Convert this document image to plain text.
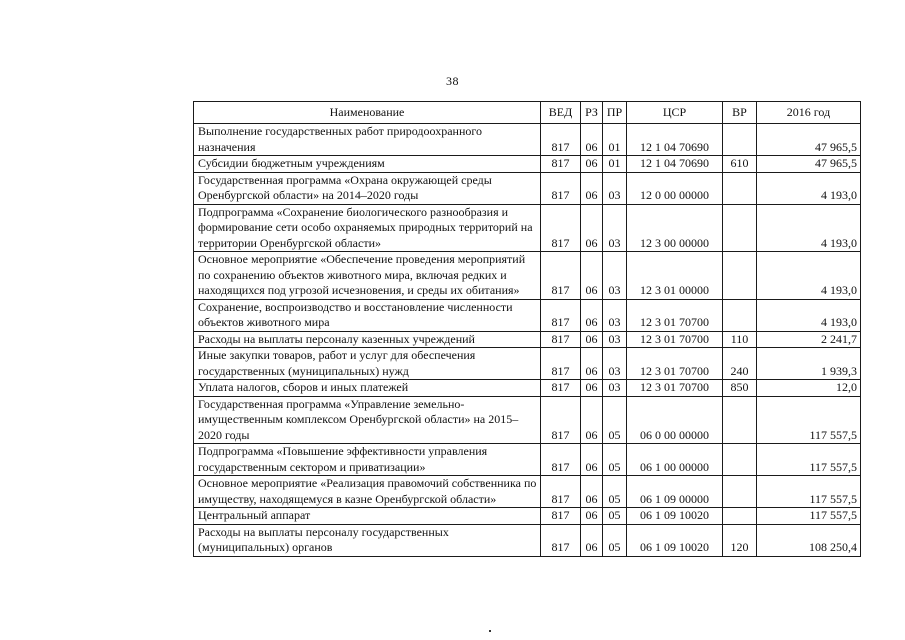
38
Наименование	ВЕД	РЗ	ПР	ЦСР	ВР	2016 год
Выполнение государственных работ природоохранного назначения	817	06	01	12 1 04 70690		47 965,5
Субсидии бюджетным учреждениям	817	06	01	12 1 04 70690	610	47 965,5
Государственная программа «Охрана окружающей среды Оренбургской области» на 2014–2020 годы	817	06	03	12 0 00 00000		4 193,0
Подпрограмма «Сохранение биологического разнообразия и формирование сети особо охраняемых природных территорий на территории Оренбургской области»	817	06	03	12 3 00 00000		4 193,0
Основное мероприятие «Обеспечение проведения мероприятий по сохранению объектов животного мира, включая редких и находящихся под угрозой исчезновения, и среды их обитания»	817	06	03	12 3 01 00000		4 193,0
Сохранение, воспроизводство и восстановление численности объектов животного мира	817	06	03	12 3 01 70700		4 193,0
Расходы на выплаты персоналу казенных учреждений	817	06	03	12 3 01 70700	110	2 241,7
Иные закупки товаров, работ и услуг для обеспечения государственных (муниципальных) нужд	817	06	03	12 3 01 70700	240	1 939,3
Уплата налогов, сборов и иных платежей	817	06	03	12 3 01 70700	850	12,0
Государственная программа «Управление земельно-имущественным комплексом Оренбургской области» на 2015–2020 годы	817	06	05	06 0 00 00000		117 557,5
Подпрограмма «Повышение эффективности управления государственным сектором и приватизации»	817	06	05	06 1 00 00000		117 557,5
Основное мероприятие «Реализация правомочий собственника по имуществу, находящемуся в казне Оренбургской области»	817	06	05	06 1 09 00000		117 557,5
Центральный аппарат	817	06	05	06 1 09 10020		117 557,5
Расходы на выплаты персоналу государственных (муниципальных) органов	817	06	05	06 1 09 10020	120	108 250,4
